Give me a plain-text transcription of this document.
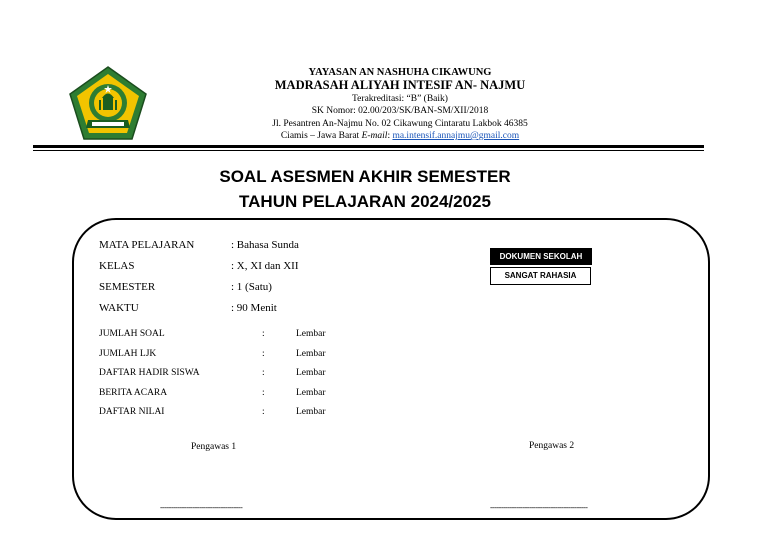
YAYASAN AN NASHUHA CIKAWUNG
MADRASAH ALIYAH INTESIF AN- NAJMU
Terakreditasi: “B” (Baik)
SK Nomor: 02.00/203/SK/BAN-SM/XII/2018
Jl. Pesantren An-Najmu No. 02 Cikawung Cintaratu Lakbok 46385
Ciamis – Jawa Barat E-mail: ma.intensif.annajmu@gmail.com
SOAL ASESMEN AKHIR SEMESTER
TAHUN PELAJARAN 2024/2025
MATA PELAJARAN	: Bahasa Sunda
KELAS	: X, XI dan XII
SEMESTER	: 1 (Satu)
WAKTU	: 90 Menit
JUMLAH SOAL	:	Lembar
JUMLAH LJK	:	Lembar
DAFTAR HADIR SISWA	:	Lembar
BERITA ACARA	:	Lembar
DAFTAR NILAI	:	Lembar
DOKUMEN SEKOLAH
SANGAT RAHASIA
Pengawas 1	Pengawas 2
--------------------------------------	---------------------------------------------
